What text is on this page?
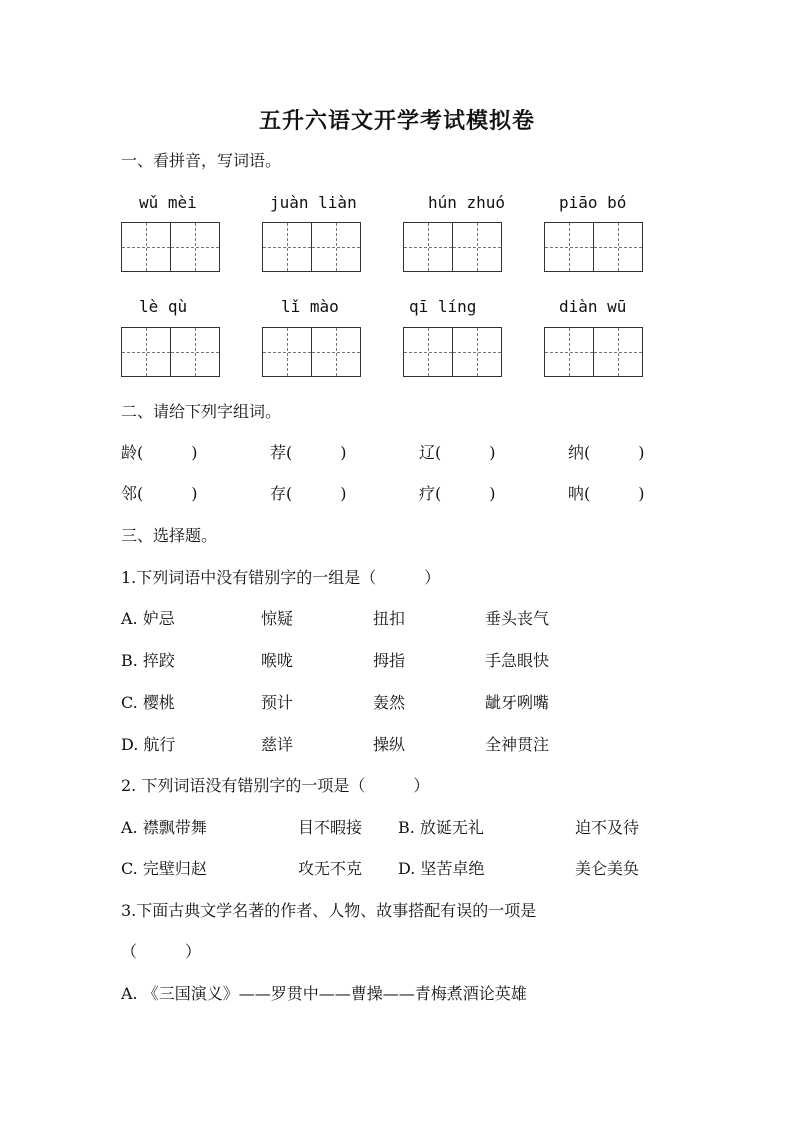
五升六语文开学考试模拟卷
一、看拼音，写词语。
wǔ mèi	juàn liàn	hún zhuó	piāo bó
lè qù	lǐ mào	qī líng	diàn wū
二、请给下列字组词。
龄(　　　)	荐(　　　)	辽(　　　)	纳(　　　)
邻(　　　)	存(　　　)	疗(　　　)	呐(　　　)
三、选择题。
1.下列词语中没有错别字的一组是（　　　）
A. 妒忌	惊疑	扭扣	垂头丧气
B. 捽跤	喉咙	拇指	手急眼快
C. 樱桃	预计	轰然	龇牙咧嘴
D. 航行	慈详	操纵	全神贯注
2. 下列词语没有错别字的一项是（　　　）
A. 襟飘带舞	目不暇接 B. 放诞无礼	迫不及待
C. 完壁归赵	攻无不克 D. 坚苦卓绝	美仑美奂
3.下面古典文学名著的作者、人物、故事搭配有误的一项是
（　　　）
A. 《三国演义》——罗贯中——曹操——青梅煮酒论英雄
